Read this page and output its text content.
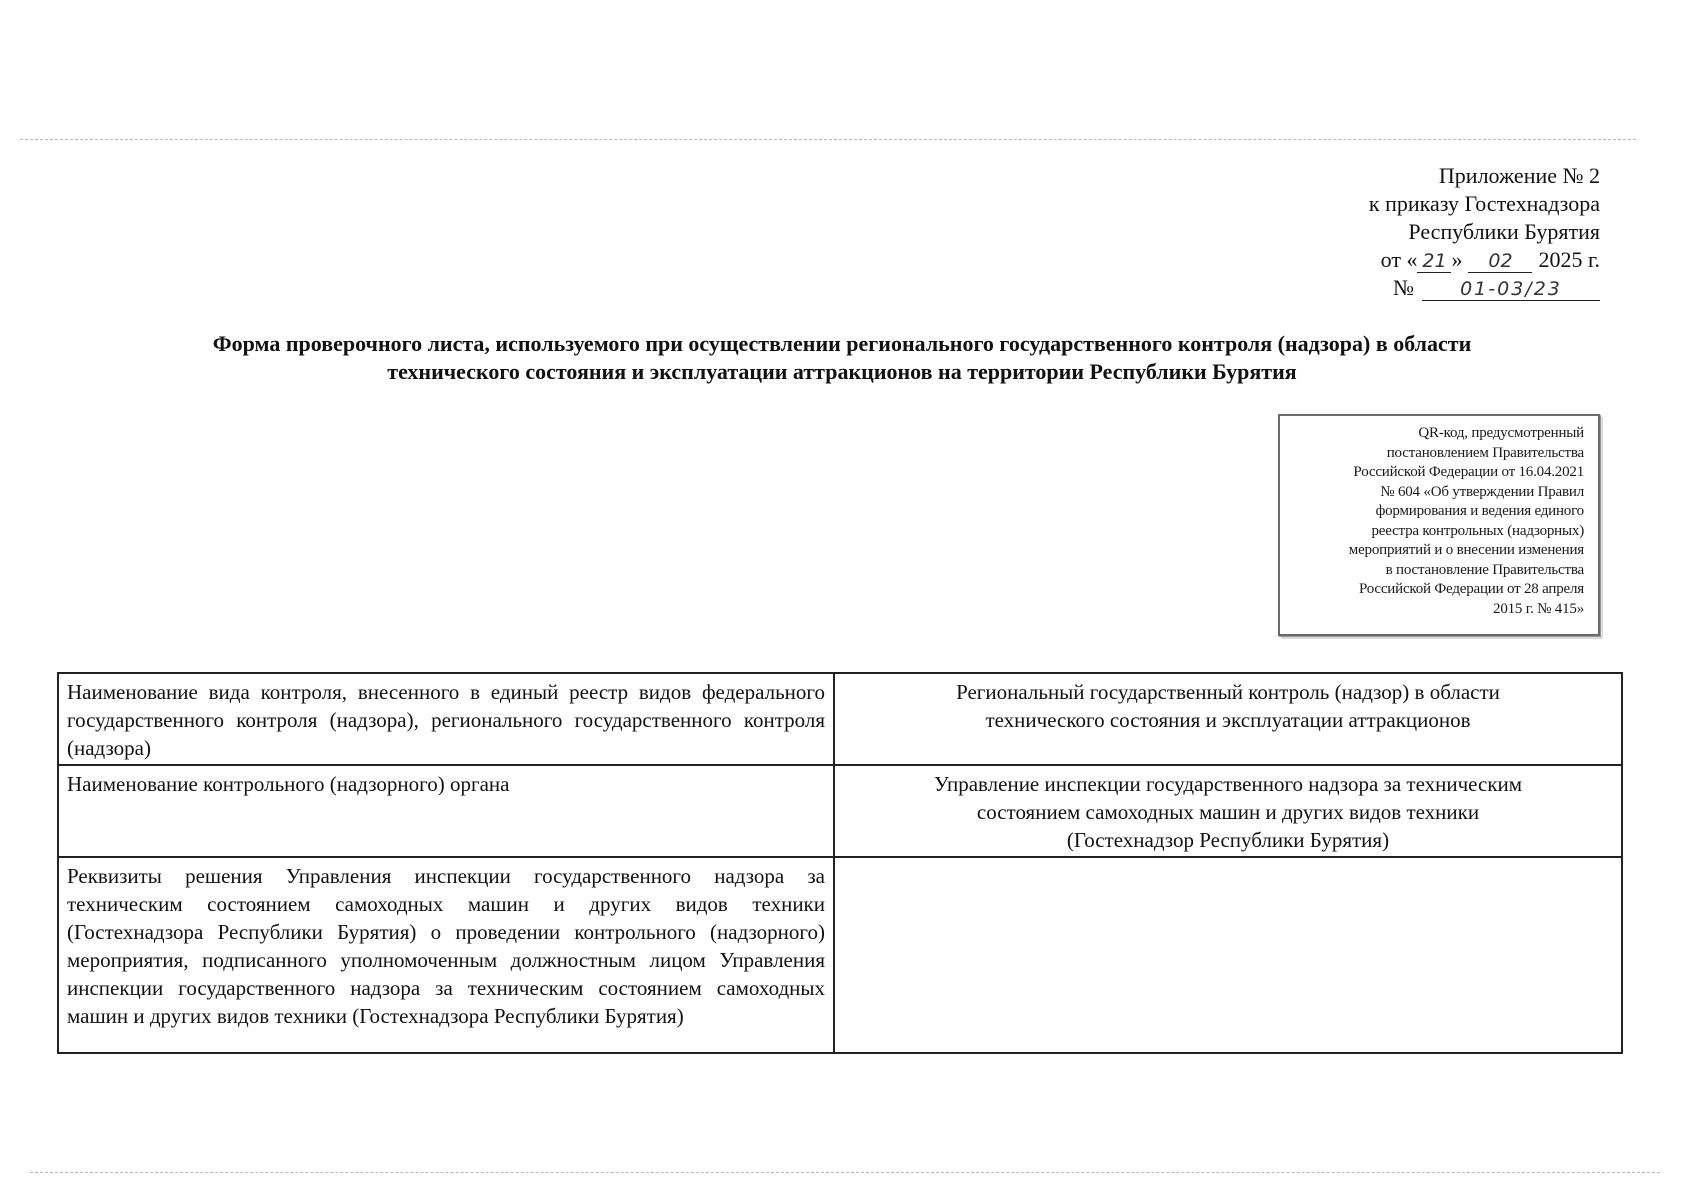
Приложение № 2
к приказу Гостехнадзора
Республики Бурятия
от « 21 » 02 2025 г.
№ 01-03/23
Форма проверочного листа, используемого при осуществлении регионального государственного контроля (надзора) в области
технического состояния и эксплуатации аттракционов на территории Республики Бурятия
QR-код, предусмотренный
постановлением Правительства
Российской Федерации от 16.04.2021
№ 604 «Об утверждении Правил
формирования и ведения единого
реестра контрольных (надзорных)
мероприятий и о внесении изменения
в постановление Правительства
Российской Федерации от 28 апреля
2015 г. № 415»
Наименование вида контроля, внесенного в единый реестр видов федерального государственного контроля (надзора), регионального государственного контроля (надзора)	Региональный государственный контроль (надзор) в области
технического состояния и эксплуатации аттракционов

Наименование контрольного (надзорного) органа	Управление инспекции государственного надзора за техническим
состоянием самоходных машин и других видов техники
(Гостехнадзор Республики Бурятия)

Реквизиты решения Управления инспекции государственного надзора за техническим состоянием самоходных машин и других видов техники (Гостехнадзора Республики Бурятия) о проведении контрольного (надзорного) мероприятия, подписанного уполномоченным должностным лицом Управления инспекции государственного надзора за техническим состоянием самоходных машин и других видов техники (Гостехнадзора Республики Бурятия)	
